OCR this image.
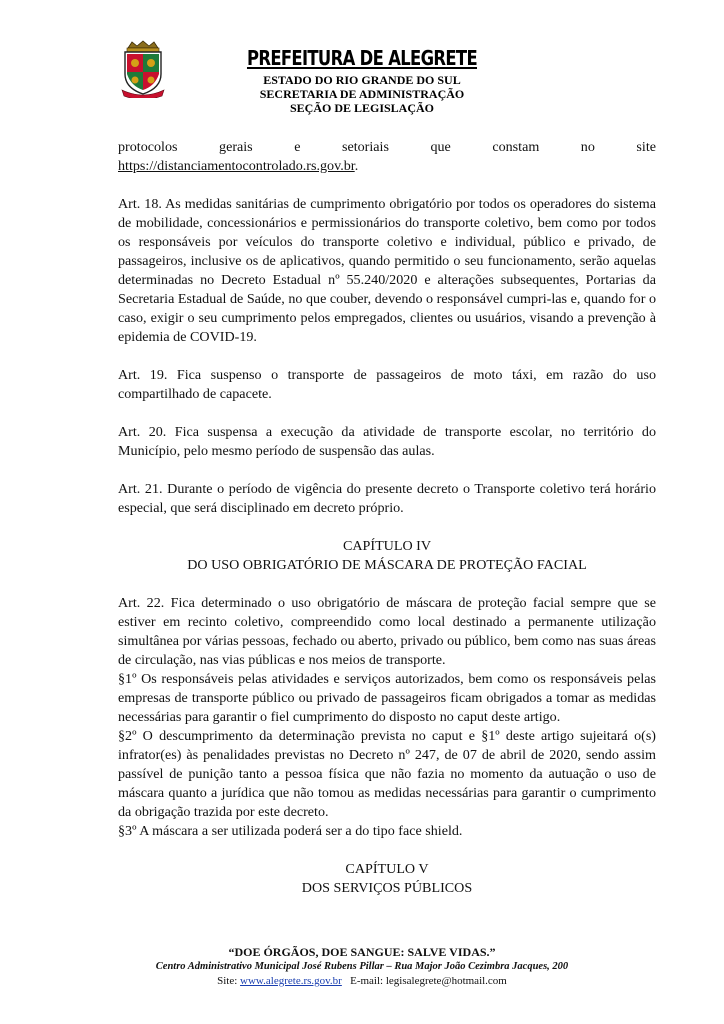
PREFEITURA DE ALEGRETE
ESTADO DO RIO GRANDE DO SUL
SECRETARIA DE ADMINISTRAÇÃO
SEÇÃO DE LEGISLAÇÃO

protocolos gerais e setoriais que constam no site

https://distanciamentocontrolado.rs.gov.br.

Art. 18. As medidas sanitárias de cumprimento obrigatório por todos os operadores do sistema de mobilidade, concessionários e permissionários do transporte coletivo, bem como por todos os responsáveis por veículos do transporte coletivo e individual, público e privado, de passageiros, inclusive os de aplicativos, quando permitido o seu funcionamento, serão aquelas determinadas no Decreto Estadual nº 55.240/2020 e alterações subsequentes, Portarias da Secretaria Estadual de Saúde, no que couber, devendo o responsável cumpri-las e, quando for o caso, exigir o seu cumprimento pelos empregados, clientes ou usuários, visando a prevenção à epidemia de COVID-19.

Art. 19. Fica suspenso o transporte de passageiros de moto táxi, em razão do uso compartilhado de capacete.

Art. 20. Fica suspensa a execução da atividade de transporte escolar, no território do Município, pelo mesmo período de suspensão das aulas.

Art. 21. Durante o período de vigência do presente decreto o Transporte coletivo terá horário especial, que será disciplinado em decreto próprio.

CAPÍTULO IV

DO USO OBRIGATÓRIO DE MÁSCARA DE PROTEÇÃO FACIAL

Art. 22. Fica determinado o uso obrigatório de máscara de proteção facial sempre que se estiver em recinto coletivo, compreendido como local destinado a permanente utilização simultânea por várias pessoas, fechado ou aberto, privado ou público, bem como nas suas áreas de circulação, nas vias públicas e nos meios de transporte.

§1º Os responsáveis pelas atividades e serviços autorizados, bem como os responsáveis pelas empresas de transporte público ou privado de passageiros ficam obrigados a tomar as medidas necessárias para garantir o fiel cumprimento do disposto no caput deste artigo.

§2º O descumprimento da determinação prevista no caput e §1º deste artigo sujeitará o(s) infrator(es) às penalidades previstas no Decreto nº 247, de 07 de abril de 2020, sendo assim passível de punição tanto a pessoa física que não fazia no momento da autuação o uso de máscara quanto a jurídica que não tomou as medidas necessárias para garantir o cumprimento da obrigação trazida por este decreto.

§3º A máscara a ser utilizada poderá ser a do tipo face shield.

CAPÍTULO V

DOS SERVIÇOS PÚBLICOS

“DOE ÓRGÃOS, DOE SANGUE: SALVE VIDAS.”
Centro Administrativo Municipal José Rubens Pillar – Rua Major João Cezimbra Jacques, 200
Site: www.alegrete.rs.gov.br E-mail: legisalegrete@hotmail.com
